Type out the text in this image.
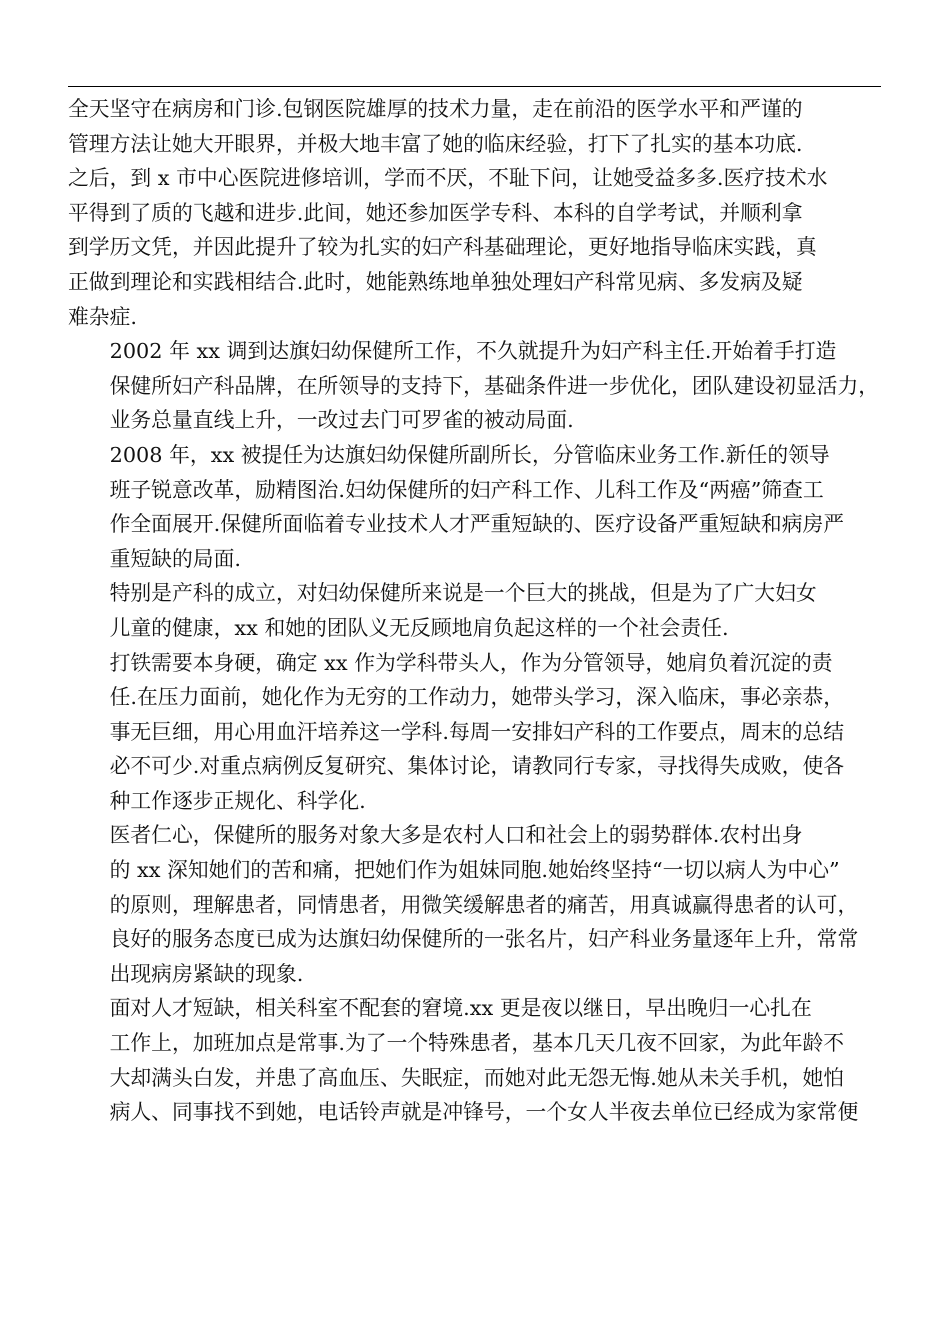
全天坚守在病房和门诊.包钢医院雄厚的技术力量，走在前沿的医学水平和严谨的
管理方法让她大开眼界，并极大地丰富了她的临床经验，打下了扎实的基本功底.
之后，到 x 市中心医院进修培训，学而不厌，不耻下问，让她受益多多.医疗技术水
平得到了质的飞越和进步.此间，她还参加医学专科、本科的自学考试，并顺利拿
到学历文凭，并因此提升了较为扎实的妇产科基础理论，更好地指导临床实践，真
正做到理论和实践相结合.此时，她能熟练地单独处理妇产科常见病、多发病及疑
难杂症.
2002 年 xx 调到达旗妇幼保健所工作，不久就提升为妇产科主任.开始着手打造
保健所妇产科品牌，在所领导的支持下，基础条件进一步优化，团队建设初显活力，
业务总量直线上升，一改过去门可罗雀的被动局面.
2008 年，xx 被提任为达旗妇幼保健所副所长，分管临床业务工作.新任的领导
班子锐意改革，励精图治.妇幼保健所的妇产科工作、儿科工作及“两癌”筛查工
作全面展开.保健所面临着专业技术人才严重短缺的、医疗设备严重短缺和病房严
重短缺的局面.
特别是产科的成立，对妇幼保健所来说是一个巨大的挑战，但是为了广大妇女
儿童的健康，xx 和她的团队义无反顾地肩负起这样的一个社会责任.
打铁需要本身硬，确定 xx 作为学科带头人，作为分管领导，她肩负着沉淀的责
任.在压力面前，她化作为无穷的工作动力，她带头学习，深入临床，事必亲恭，
事无巨细，用心用血汗培养这一学科.每周一安排妇产科的工作要点，周末的总结
必不可少.对重点病例反复研究、集体讨论，请教同行专家，寻找得失成败，使各
种工作逐步正规化、科学化.
医者仁心，保健所的服务对象大多是农村人口和社会上的弱势群体.农村出身
的 xx 深知她们的苦和痛，把她们作为姐妹同胞.她始终坚持“一切以病人为中心”
的原则，理解患者，同情患者，用微笑缓解患者的痛苦，用真诚赢得患者的认可，
良好的服务态度已成为达旗妇幼保健所的一张名片，妇产科业务量逐年上升，常常
出现病房紧缺的现象.
面对人才短缺，相关科室不配套的窘境.xx 更是夜以继日，早出晚归一心扎在
工作上，加班加点是常事.为了一个特殊患者，基本几天几夜不回家，为此年龄不
大却满头白发，并患了高血压、失眠症，而她对此无怨无悔.她从未关手机，她怕
病人、同事找不到她，电话铃声就是冲锋号，一个女人半夜去单位已经成为家常便
